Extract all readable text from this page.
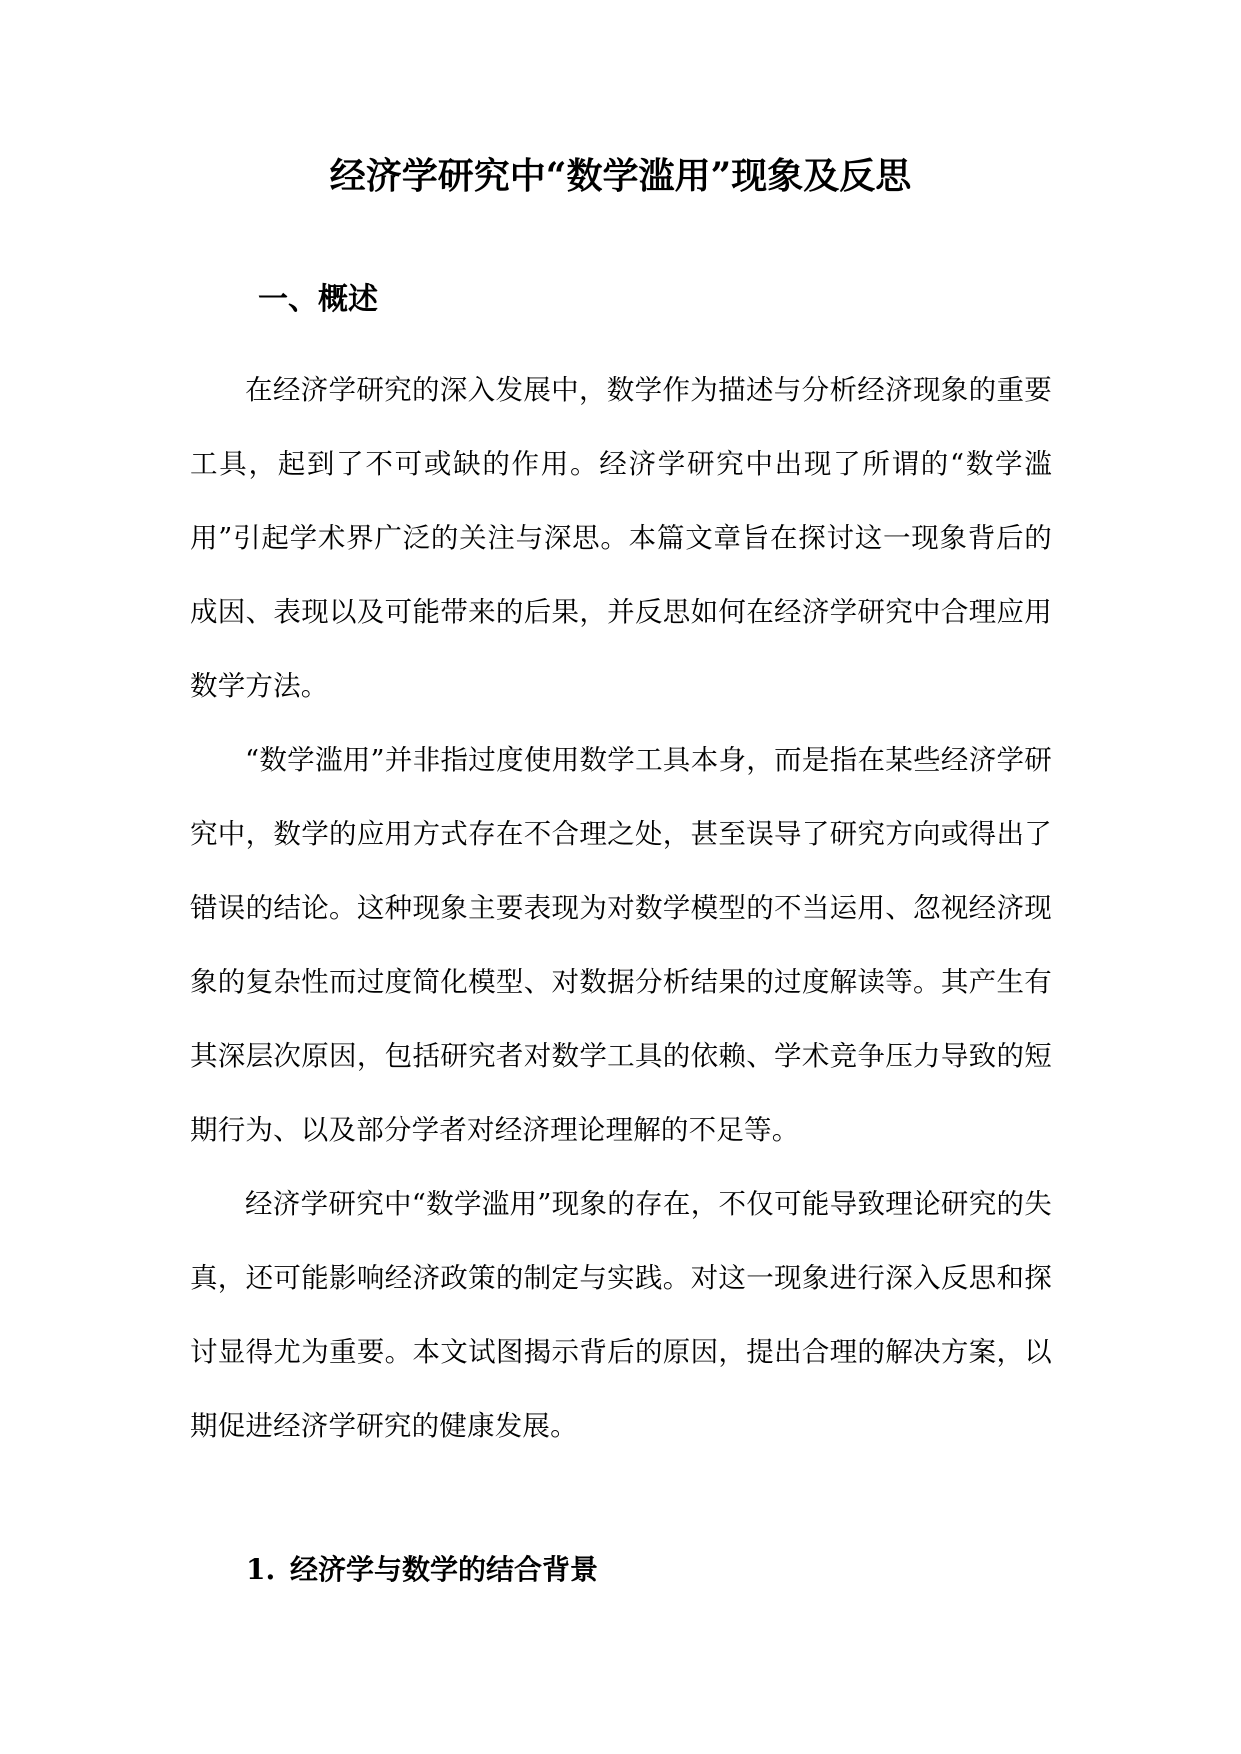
经济学研究中“数学滥用”现象及反思
一、概述

在经济学研究的深入发展中，数学作为描述与分析经济现象的重要工具，起到了不可或缺的作用。经济学研究中出现了所谓的“数学滥用”引起学术界广泛的关注与深思。本篇文章旨在探讨这一现象背后的成因、表现以及可能带来的后果，并反思如何在经济学研究中合理应用数学方法。

“数学滥用”并非指过度使用数学工具本身，而是指在某些经济学研究中，数学的应用方式存在不合理之处，甚至误导了研究方向或得出了错误的结论。这种现象主要表现为对数学模型的不当运用、忽视经济现象的复杂性而过度简化模型、对数据分析结果的过度解读等。其产生有其深层次原因，包括研究者对数学工具的依赖、学术竞争压力导致的短期行为、以及部分学者对经济理论理解的不足等。

经济学研究中“数学滥用”现象的存在，不仅可能导致理论研究的失真，还可能影响经济政策的制定与实践。对这一现象进行深入反思和探讨显得尤为重要。本文试图揭示背后的原因，提出合理的解决方案，以期促进经济学研究的健康发展。

1. 经济学与数学的结合背景
